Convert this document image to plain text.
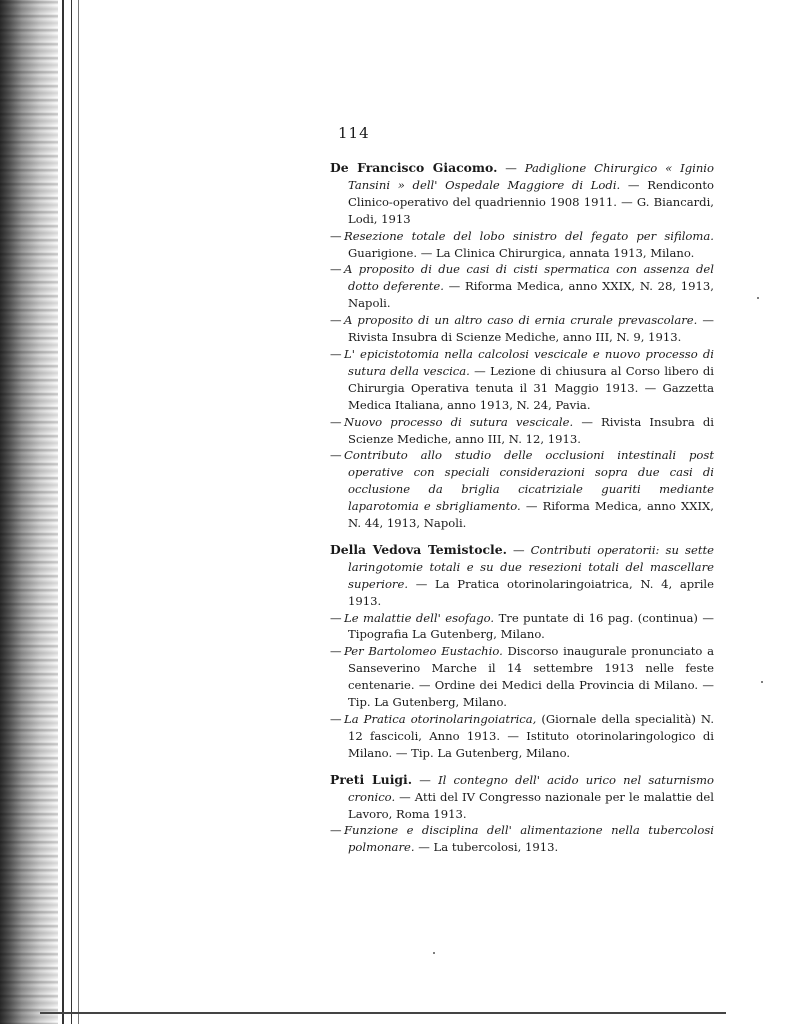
114

De Francisco Giacomo. — Padiglione Chirurgico « Iginio Tansini » dell' Ospedale Maggiore di Lodi. — Rendiconto Clinico-operativo del quadriennio 1908 1911. — G. Biancardi, Lodi, 1913

— Resezione totale del lobo sinistro del fegato per sifiloma. Guarigione. — La Clinica Chirurgica, annata 1913, Milano.

— A proposito di due casi di cisti spermatica con assenza del dotto deferente. — Riforma Medica, anno XXIX, N. 28, 1913, Napoli.

— A proposito di un altro caso di ernia crurale prevascolare. — Rivista Insubra di Scienze Mediche, anno III, N. 9, 1913.

— L' epicistotomia nella calcolosi vescicale e nuovo processo di sutura della vescica. — Lezione di chiusura al Corso libero di Chirurgia Operativa tenuta il 31 Maggio 1913. — Gazzetta Medica Italiana, anno 1913, N. 24, Pavia.

— Nuovo processo di sutura vescicale. — Rivista Insubra di Scienze Mediche, anno III, N. 12, 1913.

— Contributo allo studio delle occlusioni intestinali post operative con speciali considerazioni sopra due casi di occlusione da briglia cicatriziale guariti mediante laparotomia e sbrigliamento. — Riforma Medica, anno XXIX, N. 44, 1913, Napoli.

Della Vedova Temistocle. — Contributi operatorii: su sette laringotomie totali e su due resezioni totali del mascellare superiore. — La Pratica otorinolaringoiatrica, N. 4, aprile 1913.

— Le malattie dell' esofago. Tre puntate di 16 pag. (continua) — Tipografia La Gutenberg, Milano.

— Per Bartolomeo Eustachio. Discorso inaugurale pronunciato a Sanseverino Marche il 14 settembre 1913 nelle feste centenarie. — Ordine dei Medici della Provincia di Milano. — Tip. La Gutenberg, Milano.

— La Pratica otorinolaringoiatrica, (Giornale della specialità) N. 12 fascicoli, Anno 1913. — Istituto otorinolaringologico di Milano. — Tip. La Gutenberg, Milano.

Preti Luigi. — Il contegno dell' acido urico nel saturnismo cronico. — Atti del IV Congresso nazionale per le malattie del Lavoro, Roma 1913.

— Funzione e disciplina dell' alimentazione nella tubercolosi polmonare. — La tubercolosi, 1913.
